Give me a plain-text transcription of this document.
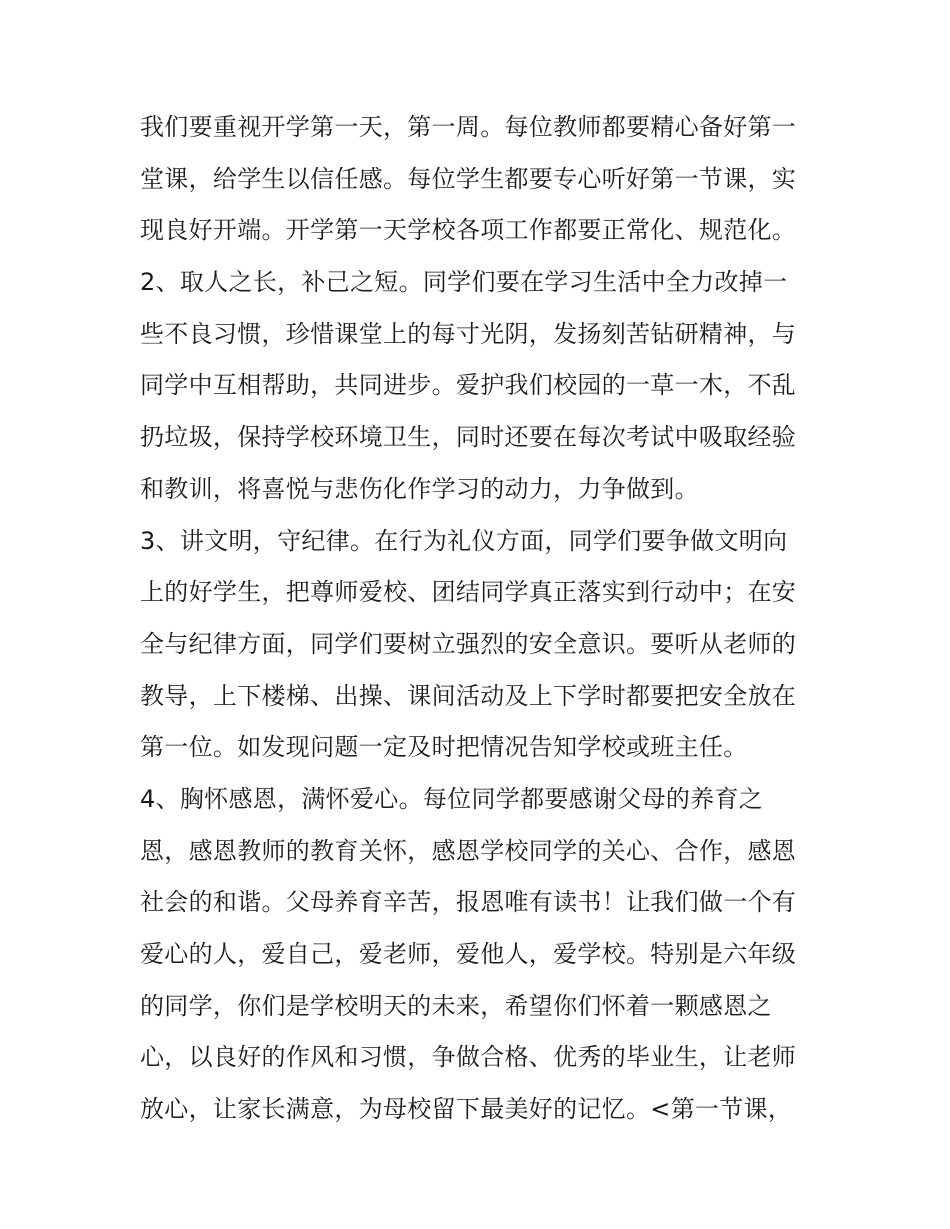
我们要重视开学第一天，第一周。每位教师都要精心备好第一
堂课，给学生以信任感。每位学生都要专心听好第一节课，实
现良好开端。开学第一天学校各项工作都要正常化、规范化。
2、取人之长，补己之短。同学们要在学习生活中全力改掉一
些不良习惯，珍惜课堂上的每寸光阴，发扬刻苦钻研精神，与
同学中互相帮助，共同进步。爱护我们校园的一草一木，不乱
扔垃圾，保持学校环境卫生，同时还要在每次考试中吸取经验
和教训，将喜悦与悲伤化作学习的动力，力争做到。
3、讲文明，守纪律。在行为礼仪方面，同学们要争做文明向
上的好学生，把尊师爱校、团结同学真正落实到行动中；在安
全与纪律方面，同学们要树立强烈的安全意识。要听从老师的
教导，上下楼梯、出操、课间活动及上下学时都要把安全放在
第一位。如发现问题一定及时把情况告知学校或班主任。
4、胸怀感恩，满怀爱心。每位同学都要感谢父母的养育之
恩，感恩教师的教育关怀，感恩学校同学的关心、合作，感恩
社会的和谐。父母养育辛苦，报恩唯有读书！让我们做一个有
爱心的人，爱自己，爱老师，爱他人，爱学校。特别是六年级
的同学，你们是学校明天的未来，希望你们怀着一颗感恩之
心，以良好的作风和习惯，争做合格、优秀的毕业生，让老师
放心，让家长满意，为母校留下最美好的记忆。<第一节课，
